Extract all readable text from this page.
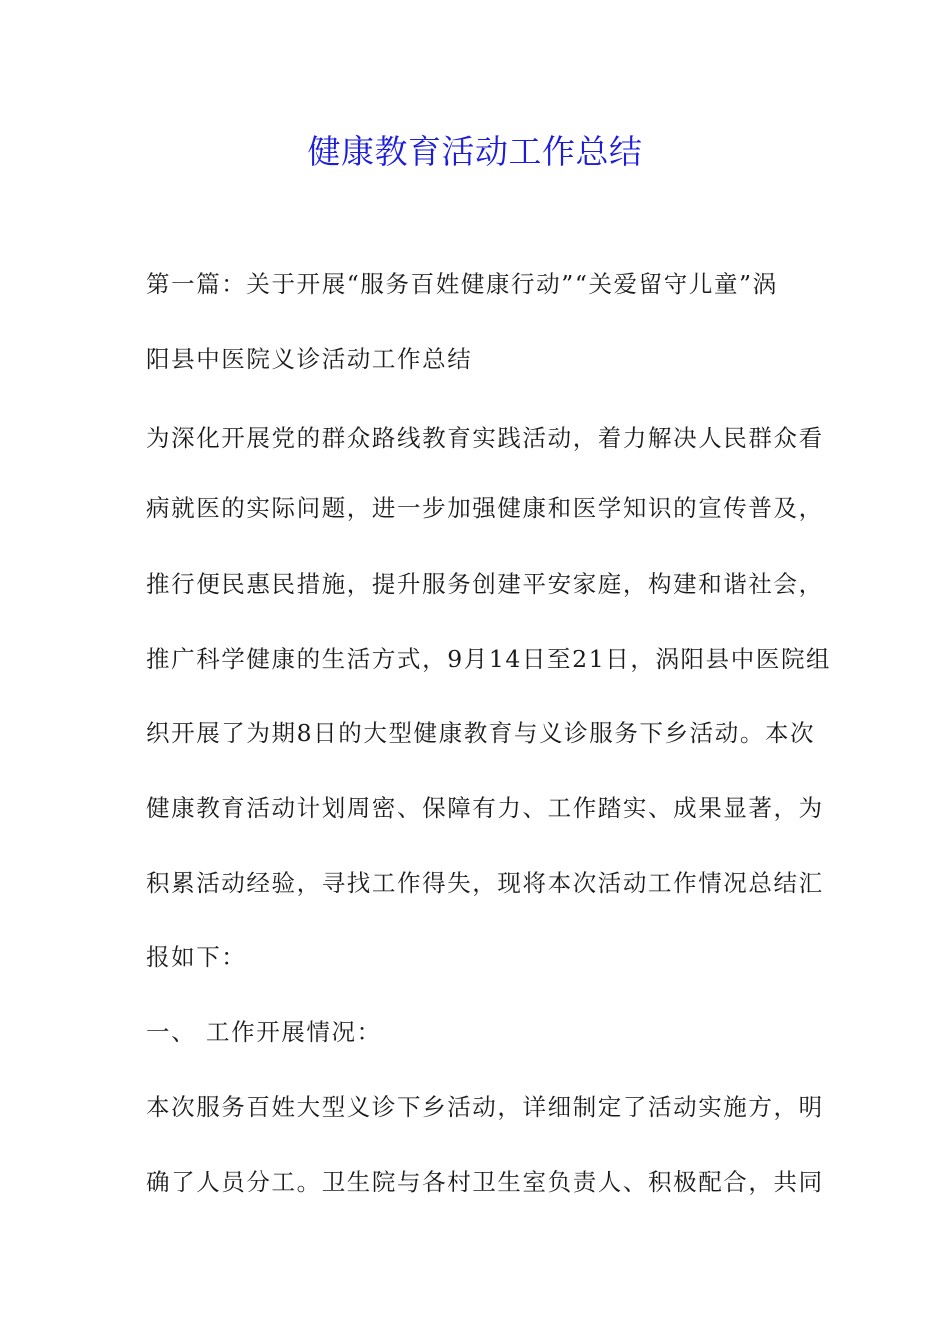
健康教育活动工作总结
第一篇：关于开展“服务百姓健康行动”“关爱留守儿童”涡
阳县中医院义诊活动工作总结
为深化开展党的群众路线教育实践活动，着力解决人民群众看
病就医的实际问题，进一步加强健康和医学知识的宣传普及，
推行便民惠民措施，提升服务创建平安家庭，构建和谐社会，
推广科学健康的生活方式，9月14日至21日，涡阳县中医院组
织开展了为期8日的大型健康教育与义诊服务下乡活动。本次
健康教育活动计划周密、保障有力、工作踏实、成果显著，为
积累活动经验，寻找工作得失，现将本次活动工作情况总结汇
报如下：
一、 工作开展情况：
本次服务百姓大型义诊下乡活动，详细制定了活动实施方，明
确了人员分工。卫生院与各村卫生室负责人、积极配合，共同
